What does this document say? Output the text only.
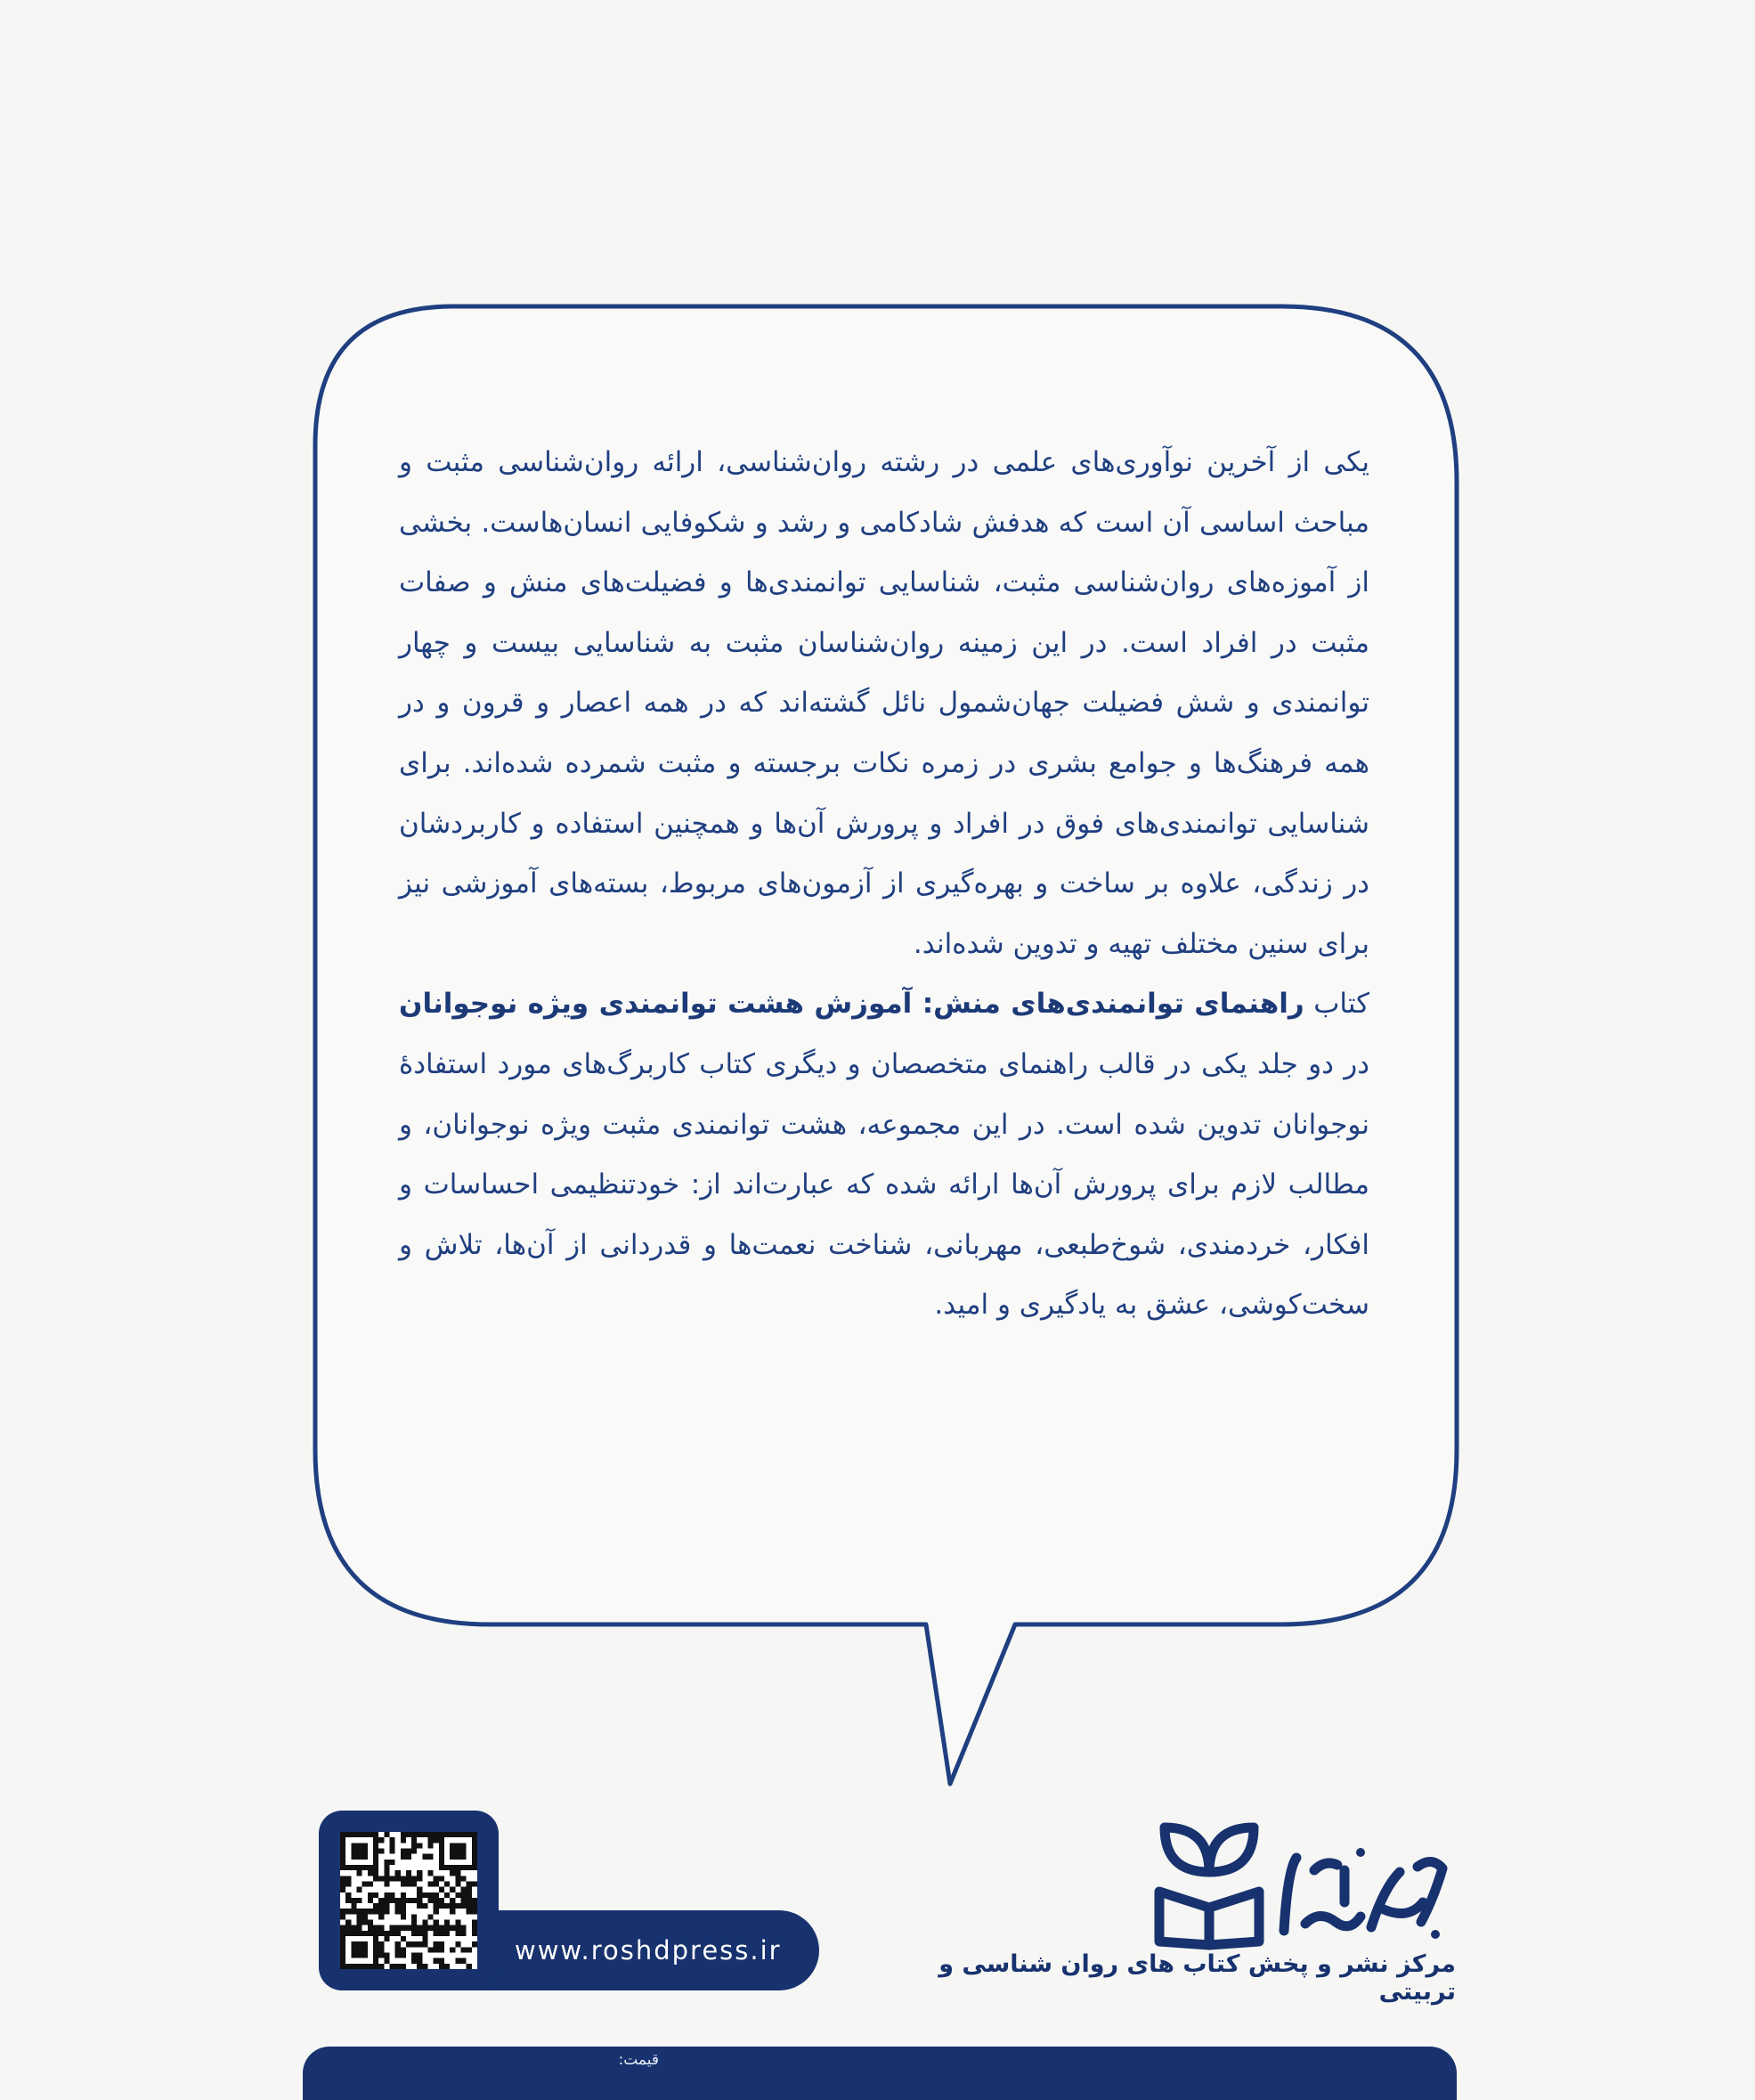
یکی از آخرین نوآوری‌های علمی در رشته روان‌شناسی، ارائه روان‌شناسی مثبت و مباحث اساسی آن است که هدفش شادکامی و رشد و شکوفایی انسان‌هاست. بخشی از آموزه‌های روان‌شناسی مثبت، شناسایی توانمندی‌ها و فضیلت‌های منش و صفات مثبت در افراد است. در این زمینه روان‌شناسان مثبت به شناسایی بیست و چهار توانمندی و شش فضیلت جهان‌شمول نائل گشته‌اند که در همه اعصار و قرون و در همه فرهنگ‌ها و جوامع بشری در زمره نکات برجسته و مثبت شمرده شده‌اند. برای شناسایی توانمندی‌های فوق در افراد و پرورش آن‌ها و همچنین استفاده و کاربردشان در زندگی، علاوه بر ساخت و بهره‌گیری از آزمون‌های مربوط، بسته‌های آموزشی نیز برای سنین مختلف تهیه و تدوین شده‌اند.

کتاب راهنمای توانمندی‌های منش: آموزش هشت توانمندی ویژه نوجوانان در دو جلد یکی در قالب راهنمای متخصصان و دیگری کتاب کاربرگ‌های مورد استفادۀ نوجوانان تدوین شده است. در این مجموعه، هشت توانمندی مثبت ویژه نوجوانان، و مطالب لازم برای پرورش آن‌ها ارائه شده که عبارت‌اند از: خودتنظیمی احساسات و افکار، خردمندی، شوخ‌طبعی، مهربانی، شناخت نعمت‌ها و قدردانی از آن‌ها، تلاش و سخت‌کوشی، عشق به یادگیری و امید.

www.roshdpress.ir	مرکز نشر و پخش کتاب های روان شناسی و تربیتی
قیمت:
